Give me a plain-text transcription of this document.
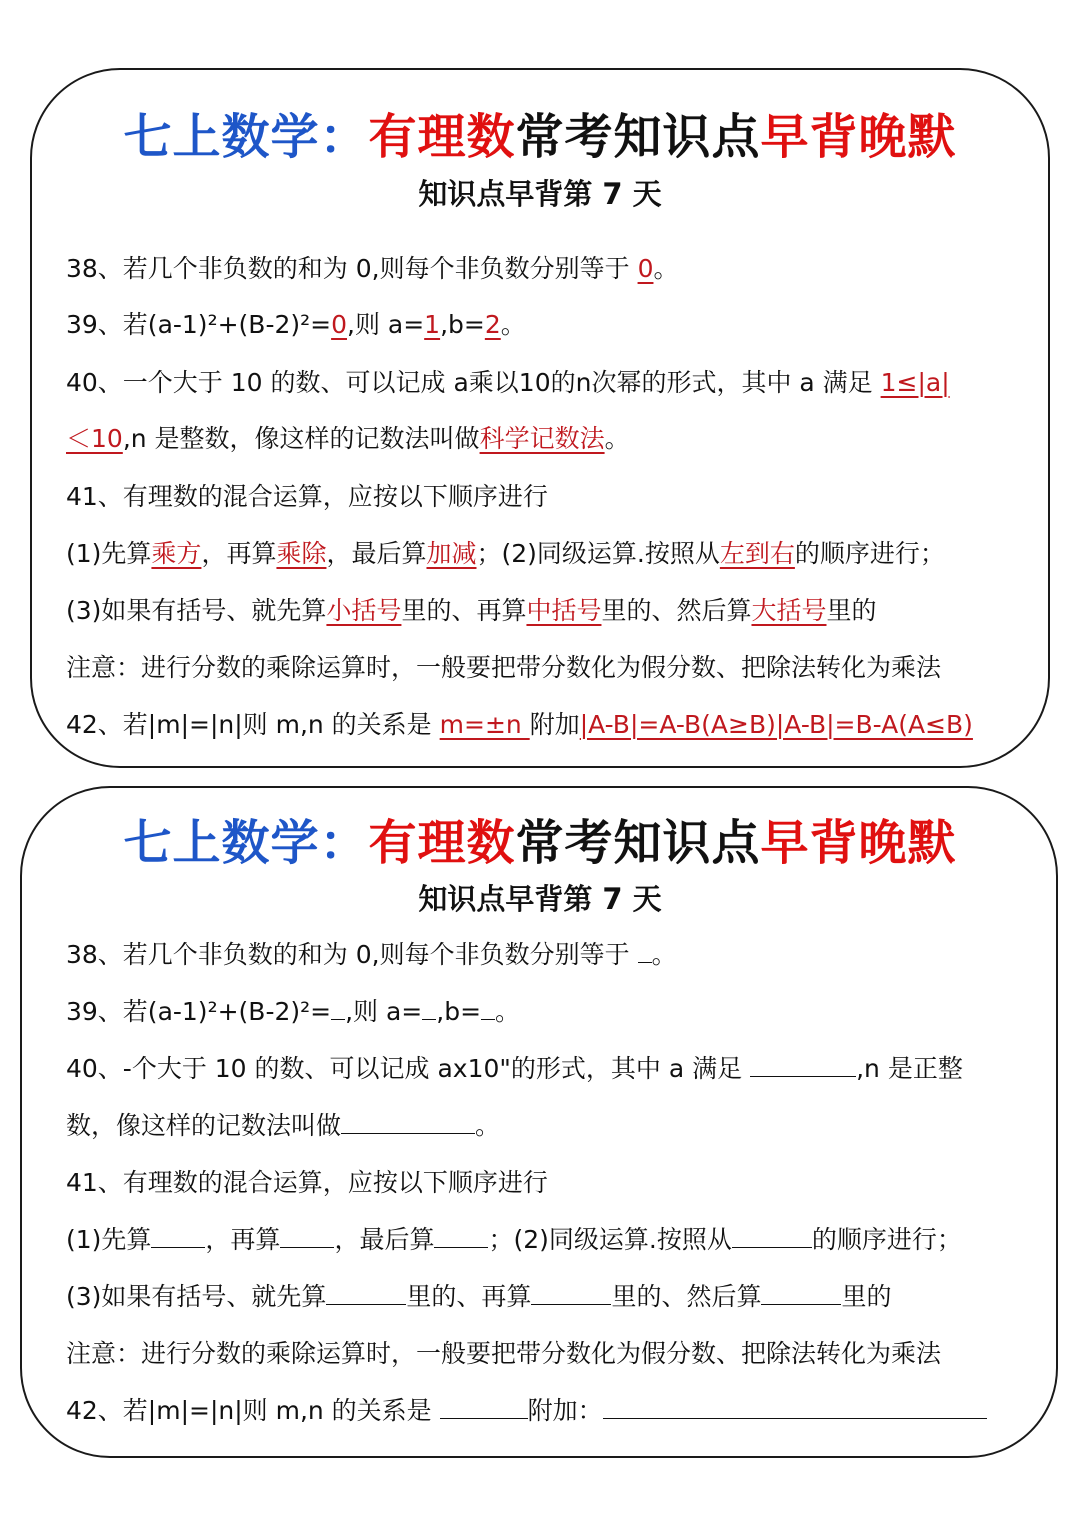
七上数学：有理数常考知识点早背晚默
知识点早背第 7 天
38、若几个非负数的和为 0,则每个非负数分别等于 0。
39、若(a-1)²+(B-2)²=0,则 a=1,b=2。
40、一个大于 10 的数、可以记成 a乘以10的n次幂的形式，其中 a 满足 1≤|a|
＜10,n 是整数，像这样的记数法叫做科学记数法。
41、有理数的混合运算，应按以下顺序进行
(1)先算乘方，再算乘除，最后算加减；(2)同级运算.按照从左到右的顺序进行；
(3)如果有括号、就先算小括号里的、再算中括号里的、然后算大括号里的
注意：进行分数的乘除运算时，一般要把带分数化为假分数、把除法转化为乘法
42、若|m|=|n|则 m,n 的关系是 m=±n 附加|A-B|=A-B(A≥B)|A-B|=B-A(A≤B)
七上数学：有理数常考知识点早背晚默
知识点早背第 7 天
38、若几个非负数的和为 0,则每个非负数分别等于 。
39、若(a-1)²+(B-2)²= ,则 a= ,b= 。
40、-个大于 10 的数、可以记成 ax10"的形式，其中 a 满足	,n 是正整
数，像这样的记数法叫做	。
41、有理数的混合运算，应按以下顺序进行
(1)先算 ，再算 ，最后算 ；(2)同级运算.按照从	的顺序进行；
(3)如果有括号、就先算	里的、再算	里的、然后算	里的
注意：进行分数的乘除运算时，一般要把带分数化为假分数、把除法转化为乘法
42、若|m|=|n|则 m,n 的关系是	附加：
